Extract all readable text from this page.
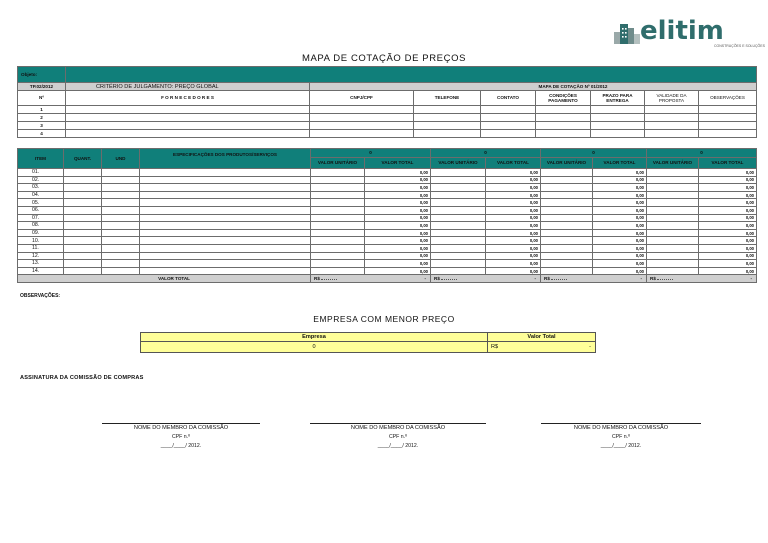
elitim
CONSTRUÇÕES E SOLUÇÕES
MAPA DE COTAÇÃO DE PREÇOS
Objeto:								
TP.02/2012	CRITÉRIO DE JULGAMENTO: PREÇO GLOBAL	MAPA DE COTAÇÃO Nº 01/2012						
Nº	F O R N E C E D O R E S	CNPJ/CPF	TELEFONE	CONTATO	CONDIÇÕES PAGAMENTO	PRAZO PARA ENTREGA	VALIDADE DA PROPOSTA	OBSERVAÇÕES
1								
2								
3								
4								
ITEM	QUANT.	UND	ESPECIFICAÇÕES DOS PRODUTOS/SERVIÇOS	0		0		0		0	
				VALOR UNITÁRIO	VALOR TOTAL	VALOR UNITÁRIO	VALOR TOTAL	VALOR UNITÁRIO	VALOR TOTAL	VALOR UNITÁRIO	VALOR TOTAL
01.					0,00		0,00		0,00		0,00
02.					0,00		0,00		0,00		0,00
03.					0,00		0,00		0,00		0,00
04.					0,00		0,00		0,00		0,00
05.					0,00		0,00		0,00		0,00
06.					0,00		0,00		0,00		0,00
07.					0,00		0,00		0,00		0,00
08.					0,00		0,00		0,00		0,00
09.					0,00		0,00		0,00		0,00
10.					0,00		0,00		0,00		0,00
11.					0,00		0,00		0,00		0,00
12.					0,00		0,00		0,00		0,00
13.					0,00		0,00		0,00		0,00
14.					0,00		0,00		0,00		0,00
VALOR TOTAL				R$ -		R$ -		R$ -		R$ -	
OBSERVAÇÕES:
EMPRESA COM MENOR PREÇO
Empresa	Valor Total
0	R$ -
ASSINATURA DA COMISSÃO DE COMPRAS
NOME DO MEMBRO DA COMISSÃO
CPF n.º
____/____/ 2012.
NOME DO MEMBRO DA COMISSÃO
CPF n.º
____/____/ 2012.
NOME DO MEMBRO DA COMISSÃO
CPF n.º
____/____/ 2012.
